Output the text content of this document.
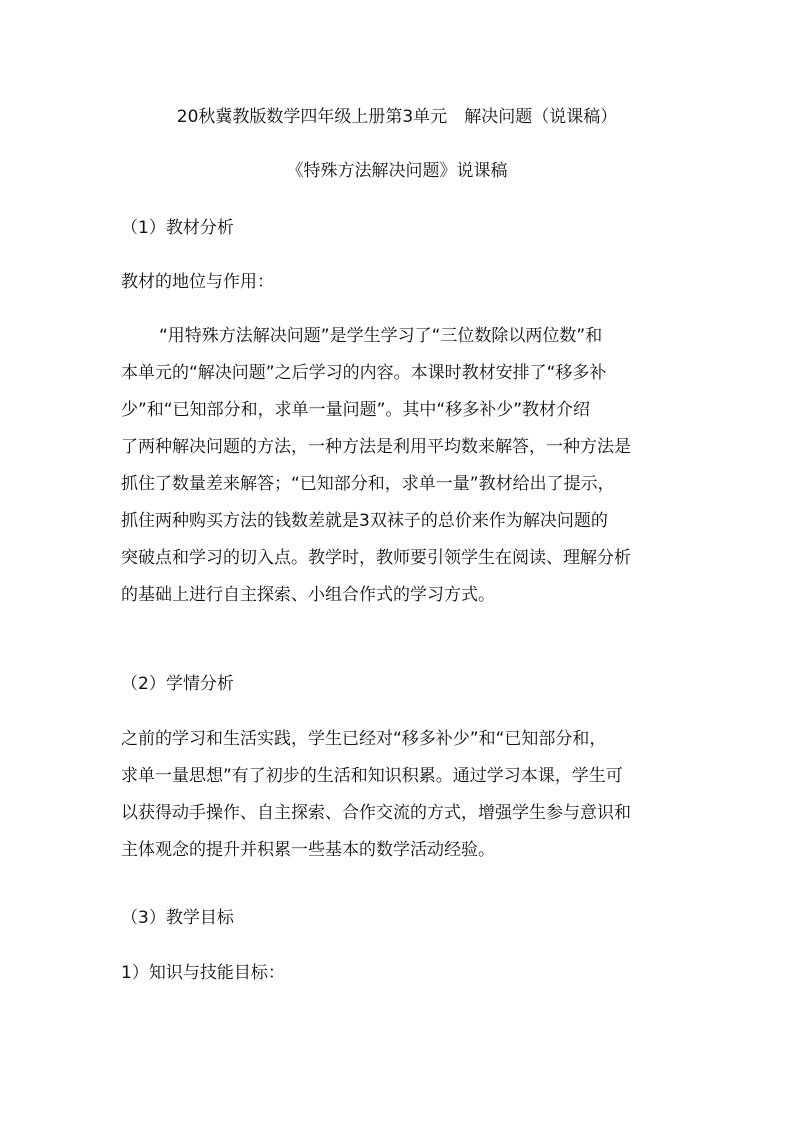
20秋冀教版数学四年级上册第3单元　解决问题（说课稿）
《特殊方法解决问题》说课稿
（1）教材分析
教材的地位与作用：

“用特殊方法解决问题”是学生学习了“三位数除以两位数”和

本单元的“解决问题”之后学习的内容。本课时教材安排了“移多补

少”和“已知部分和，求单一量问题”。其中“移多补少”教材介绍

了两种解决问题的方法，一种方法是利用平均数来解答，一种方法是

抓住了数量差来解答；“已知部分和，求单一量”教材给出了提示，

抓住两种购买方法的钱数差就是3双袜子的总价来作为解决问题的

突破点和学习的切入点。教学时，教师要引领学生在阅读、理解分析

的基础上进行自主探索、小组合作式的学习方式。

（2）学情分析

之前的学习和生活实践，学生已经对“移多补少”和“已知部分和，

求单一量思想”有了初步的生活和知识积累。通过学习本课，学生可

以获得动手操作、自主探索、合作交流的方式，增强学生参与意识和

主体观念的提升并积累一些基本的数学活动经验。

（3）教学目标
1）知识与技能目标：
